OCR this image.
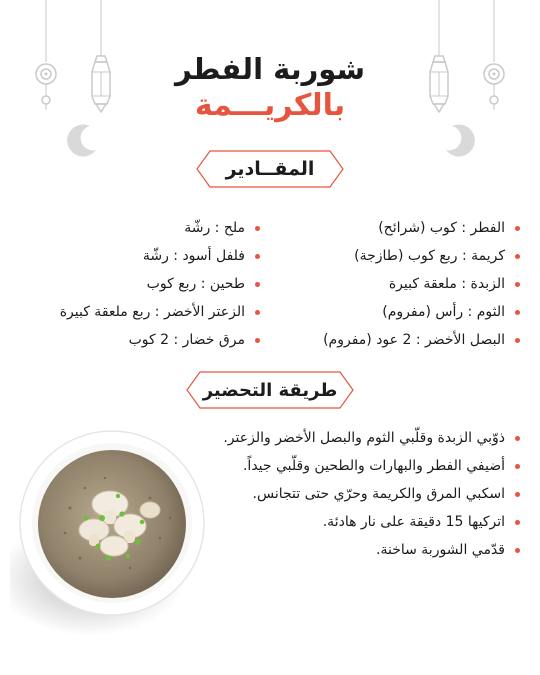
شوربة الفطر
بالكريـــمة
المقــادير
الفطر : كوب (شرائح)
كريمة : ربع كوب (طازجة)
الزبدة : ملعقة كبيرة
الثوم : رأس (مفروم)
البصل الأخضر : 2 عود (مفروم)
ملح : رشّة
فلفل أسود : رشّة
طحين : ربع كوب
الزعتر الأخضر : ربع ملعقة كبيرة
مرق خضار : 2 كوب
طريقة التحضير
ذوّبي الزبدة وقلّبي الثوم والبصل الأخضر والزعتر.
أضيفي الفطر والبهارات والطحين وقلّبي جيداً.
اسكبي المرق والكريمة وحرّي حتى تتجانس.
اتركيها 15 دقيقة على نار هادئة.
قدّمي الشوربة ساخنة.
